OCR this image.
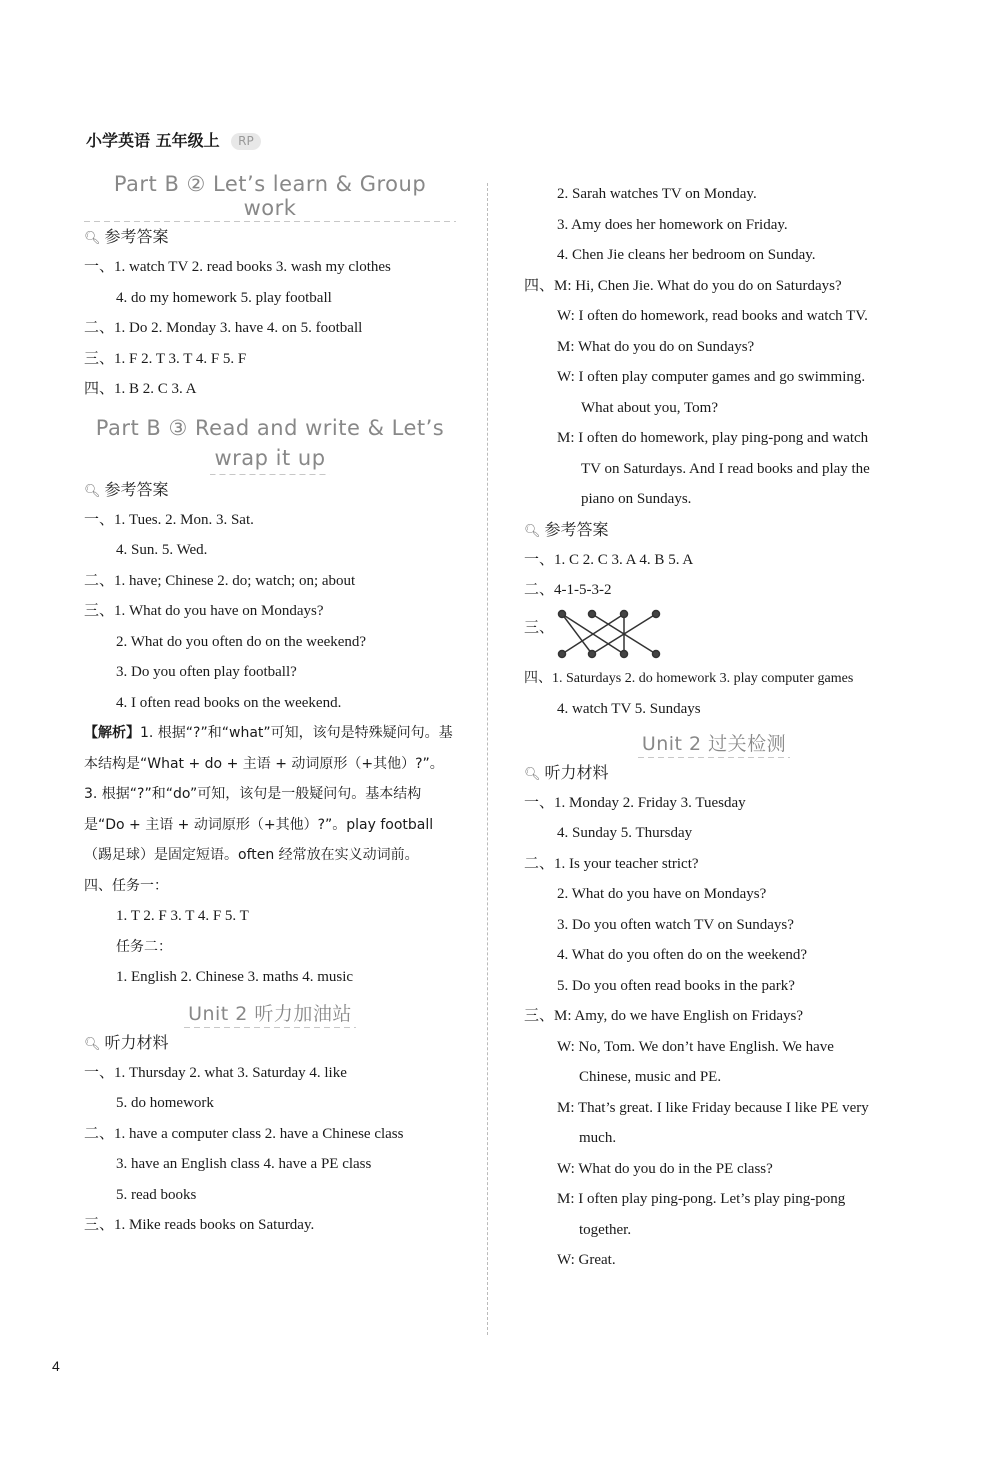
小学英语 五年级上 RP
Part B ② Let’s learn & Group work
🔍︎ 参考答案
一、1. watch TV 2. read books 3. wash my clothes
4. do my homework 5. play football
二、1. Do 2. Monday 3. have 4. on 5. football
三、1. F 2. T 3. T 4. F 5. F
四、1. B 2. C 3. A
Part B ③ Read and write & Let’s
wrap it up
🔍︎ 参考答案
一、1. Tues. 2. Mon. 3. Sat.
4. Sun. 5. Wed.
二、1. have; Chinese 2. do; watch; on; about
三、1. What do you have on Mondays?
2. What do you often do on the weekend?
3. Do you often play football?
4. I often read books on the weekend.
【解析】1. 根据“?”和“what”可知，该句是特殊疑问句。基本结构是“What + do + 主语 + 动词原形（+其他）?”。
3. 根据“?”和“do”可知，该句是一般疑问句。基本结构是“Do + 主语 + 动词原形（+其他）?”。play football（踢足球）是固定短语。often 经常放在实义动词前。
四、任务一：
1. T 2. F 3. T 4. F 5. T
任务二：
1. English 2. Chinese 3. maths 4. music
Unit 2 听力加油站
🔍︎ 听力材料
一、1. Thursday 2. what 3. Saturday 4. like
5. do homework
二、1. have a computer class 2. have a Chinese class
3. have an English class 4. have a PE class
5. read books
三、1. Mike reads books on Saturday.
2. Sarah watches TV on Monday.
3. Amy does her homework on Friday.
4. Chen Jie cleans her bedroom on Sunday.
四、M: Hi, Chen Jie. What do you do on Saturdays?
W: I often do homework, read books and watch TV.
M: What do you do on Sundays?
W: I often play computer games and go swimming.
What about you, Tom?
M: I often do homework, play ping-pong and watch
TV on Saturdays. And I read books and play the
piano on Sundays.
🔍︎ 参考答案
一、1. C 2. C 3. A 4. B 5. A
二、4-1-5-3-2
三、
四、1. Saturdays 2. do homework 3. play computer games
4. watch TV 5. Sundays
Unit 2 过关检测
🔍︎ 听力材料
一、1. Monday 2. Friday 3. Tuesday
4. Sunday 5. Thursday
二、1. Is your teacher strict?
2. What do you have on Mondays?
3. Do you often watch TV on Sundays?
4. What do you often do on the weekend?
5. Do you often read books in the park?
三、M: Amy, do we have English on Fridays?
W: No, Tom. We don’t have English. We have
Chinese, music and PE.
M: That’s great. I like Friday because I like PE very
much.
W: What do you do in the PE class?
M: I often play ping-pong. Let’s play ping-pong
together.
W: Great.
4
